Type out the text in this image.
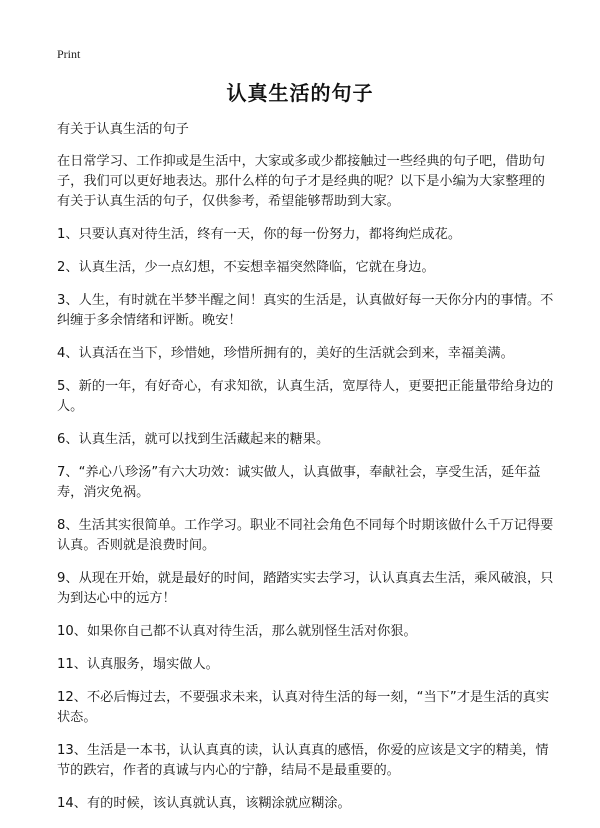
Print
认真生活的句子

有关于认真生活的句子

在日常学习、工作抑或是生活中，大家或多或少都接触过一些经典的句子吧，借助句子，我们可以更好地表达。那什么样的句子才是经典的呢？以下是小编为大家整理的有关于认真生活的句子，仅供参考，希望能够帮助到大家。

1、只要认真对待生活，终有一天，你的每一份努力，都将绚烂成花。

2、认真生活，少一点幻想，不妄想幸福突然降临，它就在身边。

3、人生，有时就在半梦半醒之间！真实的生活是，认真做好每一天你分内的事情。不纠缠于多余情绪和评断。晚安！

4、认真活在当下，珍惜她，珍惜所拥有的，美好的生活就会到来，幸福美满。

5、新的一年，有好奇心，有求知欲，认真生活，宽厚待人，更要把正能量带给身边的人。

6、认真生活，就可以找到生活藏起来的糖果。

7、“养心八珍汤”有六大功效：诚实做人，认真做事，奉献社会，享受生活，延年益寿，消灾免祸。

8、生活其实很简单。工作学习。职业不同社会角色不同每个时期该做什么千万记得要认真。否则就是浪费时间。

9、从现在开始，就是最好的时间，踏踏实实去学习，认认真真去生活，乘风破浪，只为到达心中的远方！

10、如果你自己都不认真对待生活，那么就别怪生活对你狠。

11、认真服务，塌实做人。

12、不必后悔过去，不要强求未来，认真对待生活的每一刻，“当下”才是生活的真实状态。

13、生活是一本书，认认真真的读，认认真真的感悟，你爱的应该是文字的精美，情节的跌宕，作者的真诚与内心的宁静，结局不是最重要的。

14、有的时候，该认真就认真，该糊涂就应糊涂。
